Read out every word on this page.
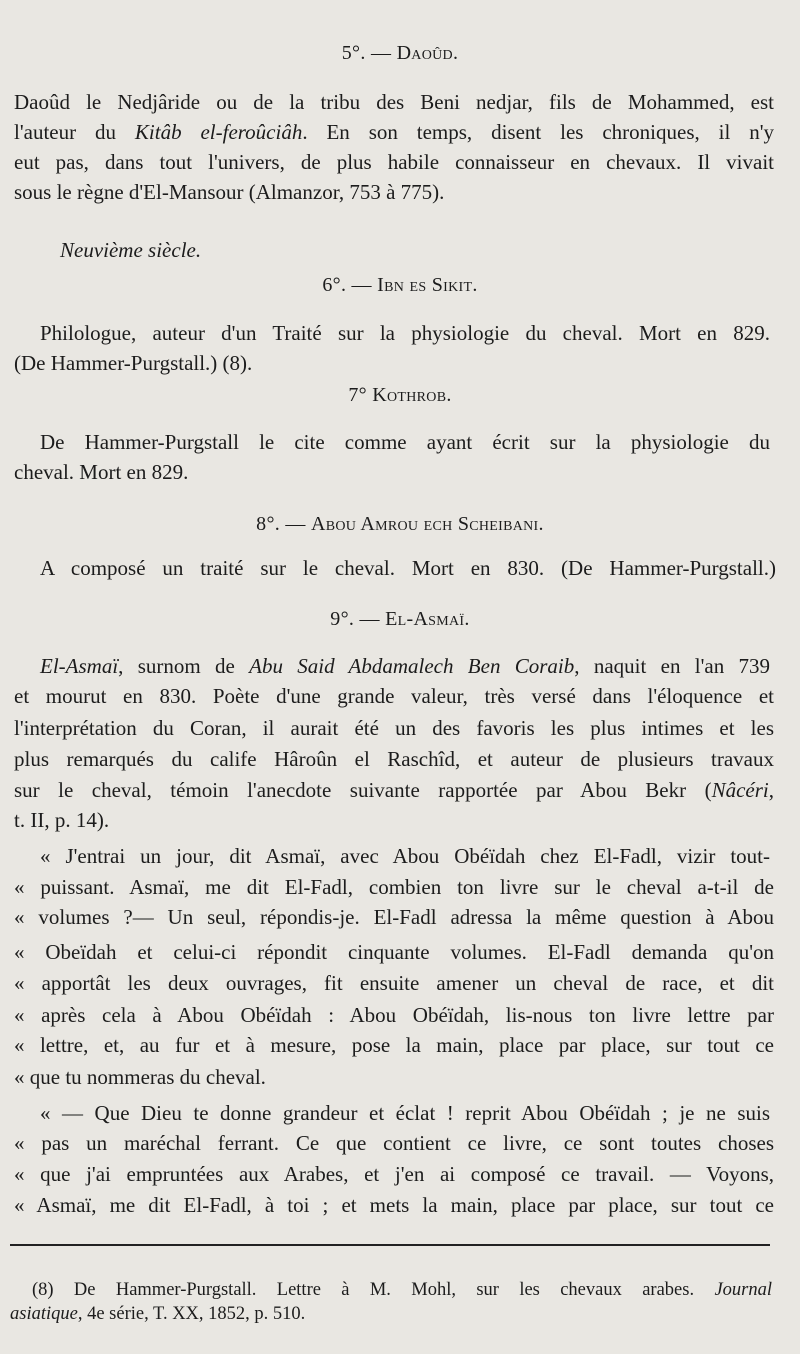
5°. — Daoûd.
Daoûd le Nedjâride ou de la tribu des Beni nedjar, fils de Mohammed, est
l'auteur du Kitâb el-feroûciâh. En son temps, disent les chroniques, il n'y
eut pas, dans tout l'univers, de plus habile connaisseur en chevaux. Il vivait
sous le règne d'El-Mansour (Almanzor, 753 à 775).
Neuvième siècle.
6°. — Ibn es Sikit.
Philologue, auteur d'un Traité sur la physiologie du cheval. Mort en 829.
(De Hammer-Purgstall.) (8).
7° Kothrob.
De Hammer-Purgstall le cite comme ayant écrit sur la physiologie du
cheval. Mort en 829.
8°. — Abou Amrou ech Scheibani.
A composé un traité sur le cheval. Mort en 830. (De Hammer-Purgstall.)
9°. — El-Asmaï.
El-Asmaï, surnom de Abu Said Abdamalech Ben Coraib, naquit en l'an 739
et mourut en 830. Poète d'une grande valeur, très versé dans l'éloquence et
l'interprétation du Coran, il aurait été un des favoris les plus intimes et les
plus remarqués du calife Hâroûn el Raschîd, et auteur de plusieurs travaux
sur le cheval, témoin l'anecdote suivante rapportée par Abou Bekr (Nâcéri,
t. II, p. 14).
« J'entrai un jour, dit Asmaï, avec Abou Obéïdah chez El-Fadl, vizir tout-
« puissant. Asmaï, me dit El-Fadl, combien ton livre sur le cheval a-t-il de
« volumes ?— Un seul, répondis-je. El-Fadl adressa la même question à Abou
« Obeïdah et celui-ci répondit cinquante volumes. El-Fadl demanda qu'on
« apportât les deux ouvrages, fit ensuite amener un cheval de race, et dit
« après cela à Abou Obéïdah : Abou Obéïdah, lis-nous ton livre lettre par
« lettre, et, au fur et à mesure, pose la main, place par place, sur tout ce
« que tu nommeras du cheval.
« — Que Dieu te donne grandeur et éclat ! reprit Abou Obéïdah ; je ne suis
« pas un maréchal ferrant. Ce que contient ce livre, ce sont toutes choses
« que j'ai empruntées aux Arabes, et j'en ai composé ce travail. — Voyons,
« Asmaï, me dit El-Fadl, à toi ; et mets la main, place par place, sur tout ce
(8) De Hammer-Purgstall. Lettre à M. Mohl, sur les chevaux arabes. Journal
asiatique, 4e série, T. XX, 1852, p. 510.
